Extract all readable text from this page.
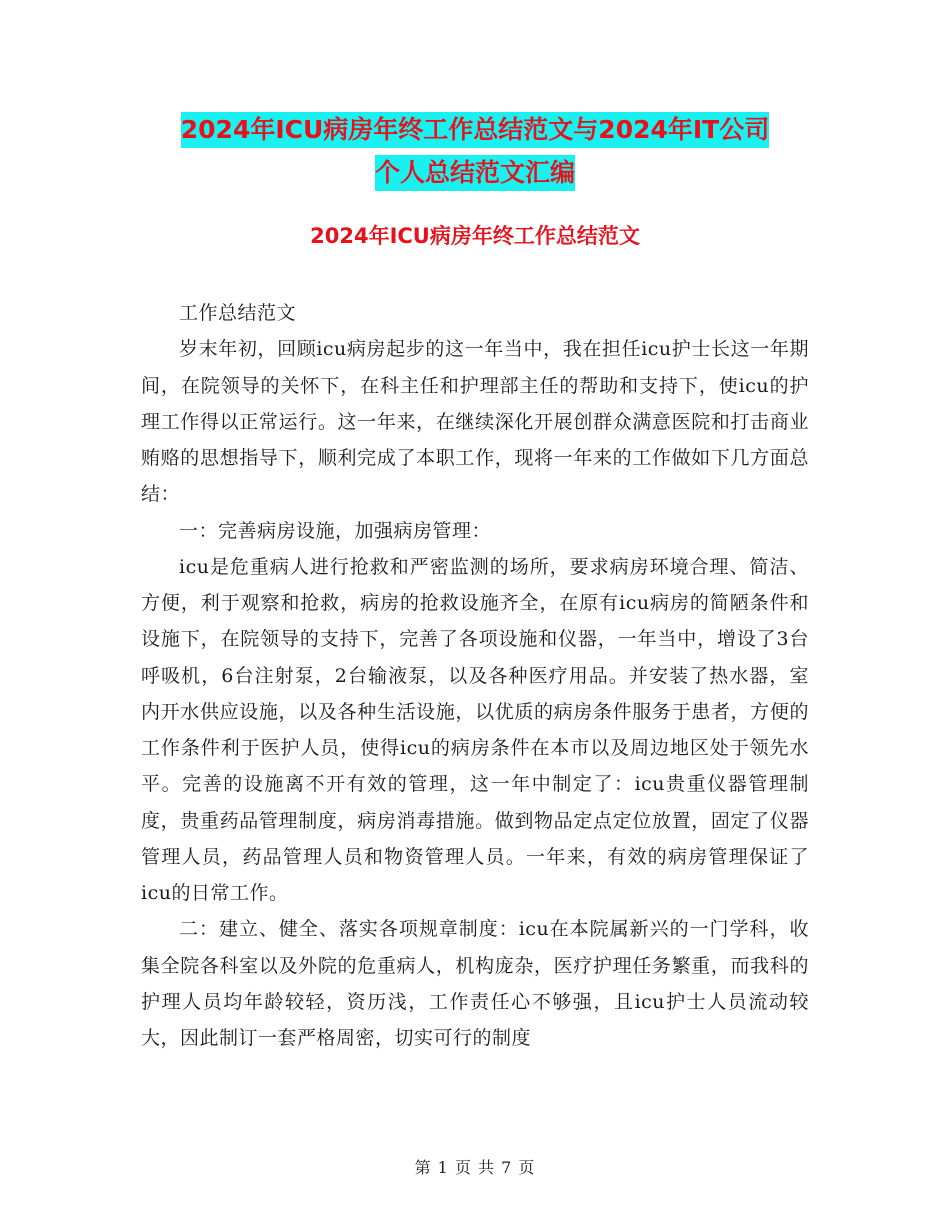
2024年ICU病房年终工作总结范文与2024年IT公司
个人总结范文汇编
2024年ICU病房年终工作总结范文

工作总结范文

岁末年初，回顾icu病房起步的这一年当中，我在担任icu护士长这一年期间，在院领导的关怀下，在科主任和护理部主任的帮助和支持下，使icu的护理工作得以正常运行。这一年来，在继续深化开展创群众满意医院和打击商业贿赂的思想指导下，顺利完成了本职工作，现将一年来的工作做如下几方面总结：

一：完善病房设施，加强病房管理：

icu是危重病人进行抢救和严密监测的场所，要求病房环境合理、简洁、方便，利于观察和抢救，病房的抢救设施齐全，在原有icu病房的简陋条件和设施下，在院领导的支持下，完善了各项设施和仪器，一年当中，增设了3台呼吸机，6台注射泵，2台输液泵，以及各种医疗用品。并安装了热水器，室内开水供应设施，以及各种生活设施，以优质的病房条件服务于患者，方便的工作条件利于医护人员，使得icu的病房条件在本市以及周边地区处于领先水平。完善的设施离不开有效的管理，这一年中制定了：icu贵重仪器管理制度，贵重药品管理制度，病房消毒措施。做到物品定点定位放置，固定了仪器管理人员，药品管理人员和物资管理人员。一年来，有效的病房管理保证了icu的日常工作。

二：建立、健全、落实各项规章制度：icu在本院属新兴的一门学科，收集全院各科室以及外院的危重病人，机构庞杂，医疗护理任务繁重，而我科的护理人员均年龄较轻，资历浅，工作责任心不够强，且icu护士人员流动较大，因此制订一套严格周密，切实可行的制度

第 1 页 共 7 页
